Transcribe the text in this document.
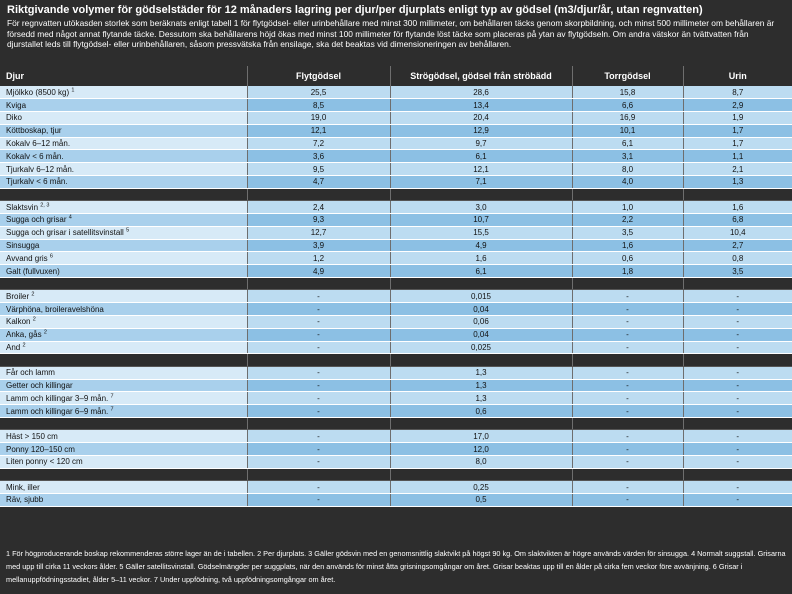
Riktgivande volymer för gödselstäder för 12 månaders lagring per djur/per djurplats enligt typ av gödsel (m3/djur/år, utan regnvatten)
För regnvatten utökasden storlek som beräknats enligt tabell 1 för flytgödsel- eller urinbehållare med minst 300 millimeter, om behållaren täcks genom skorpbildning, och minst 500 millimeter om behållaren är försedd med något annat flytande täcke. Dessutom ska behållarens höjd ökas med minst 100 millimeter för flytande löst täcke som placeras på ytan av flytgödseln. Om andra vätskor än tvättvatten från djurstallet leds till flytgödsel- eller urinbehållaren, såsom pressvätska från ensilage, ska det beaktas vid dimensioneringen av behållaren.
Djur	Flytgödsel	Strögödsel, gödsel från ströbädd	Torrgödsel	Urin
Mjölkko (8500 kg) $^1$	25,5	28,6	15,8	8,7
Kviga	8,5	13,4	6,6	2,9
Diko	19,0	20,4	16,9	1,9
Köttboskap, tjur	12,1	12,9	10,1	1,7
Kokalv 6–12 mån.	7,2	9,7	6,1	1,7
Kokalv < 6 mån.	3,6	6,1	3,1	1,1
Tjurkalv 6–12 mån.	9,5	12,1	8,0	2,1
Tjurkalv < 6 mån.	4,7	7,1	4,0	1,3

Slaktsvin $^{2, 3}$	2,4	3,0	1,0	1,6
Sugga och grisar $^4$	9,3	10,7	2,2	6,8
Sugga och grisar i satellitsvinstall $^5$	12,7	15,5	3,5	10,4
Sinsugga	3,9	4,9	1,6	2,7
Avvand gris $^6$	1,2	1,6	0,6	0,8
Galt (fullvuxen)	4,9	6,1	1,8	3,5

Broiler $^2$	-	0,015	-	-
Värphöna, broileravelshöna	-	0,04	-	-
Kalkon $^2$	-	0,06	-	-
Anka, gås $^2$	-	0,04	-	-
And $^2$	-	0,025	-	-

Får och lamm	-	1,3	-	-
Getter och killingar	-	1,3	-	-
Lamm och killingar 3–9 mån. $^7$	-	1,3	-	-
Lamm och killingar 6–9 mån. $^7$	-	0,6	-	-

Häst > 150 cm	-	17,0	-	-
Ponny 120–150 cm	-	12,0	-	-
Liten ponny < 120 cm	-	8,0	-	-

Mink, iller	-	0,25	-	-
Räv, sjubb	-	0,5	-	-
1 För högproducerande boskap rekommenderas större lager än de i tabellen. 2 Per djurplats. 3 Gäller gödsvin med en genomsnittlig slaktvikt på högst 90 kg. Om slaktvikten är högre används värden för sinsugga. 4 Normalt suggstall. Grisarna med upp till cirka 11 veckors ålder. 5 Gäller satellitsvinstall. Gödselmängder per suggplats, när den används för minst åtta grisningsomgångar om året. Grisar beaktas upp till en ålder på cirka fem veckor före avvänjning. 6 Grisar i mellanuppfödningsstadiet, ålder 5–11 veckor. 7 Under uppfödning, två uppfödningsomgångar om året.
